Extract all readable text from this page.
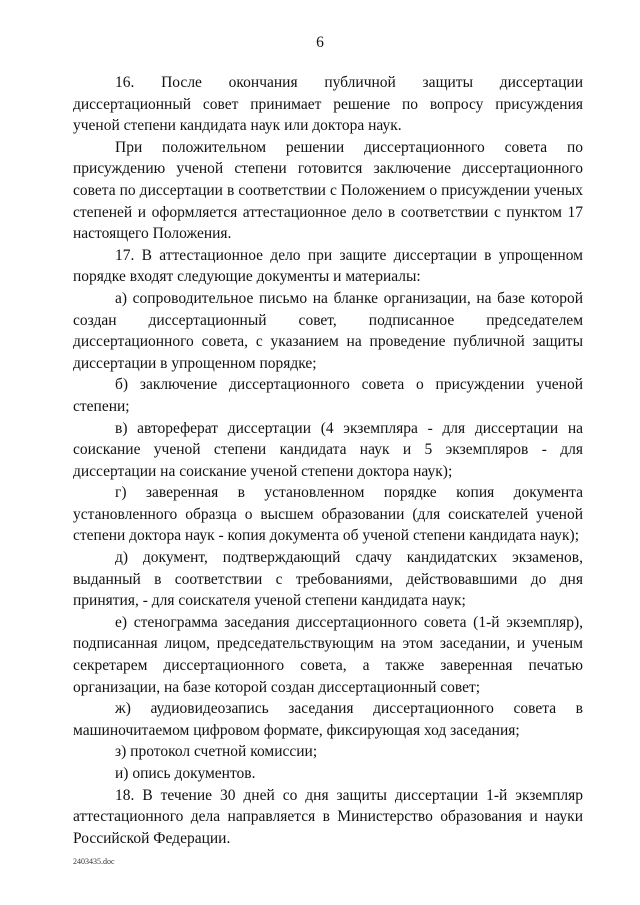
6

16. После окончания публичной защиты диссертации диссертационный совет принимает решение по вопросу присуждения ученой степени кандидата наук или доктора наук.

При положительном решении диссертационного совета по присуждению ученой степени готовится заключение диссертационного совета по диссертации в соответствии с Положением о присуждении ученых степеней и оформляется аттестационное дело в соответствии с пунктом 17 настоящего Положения.

17. В аттестационное дело при защите диссертации в упрощенном порядке входят следующие документы и материалы:

а) сопроводительное письмо на бланке организации, на базе которой создан диссертационный совет, подписанное председателем диссертационного совета, с указанием на проведение публичной защиты диссертации в упрощенном порядке;

б) заключение диссертационного совета о присуждении ученой степени;

в) автореферат диссертации (4 экземпляра - для диссертации на соискание ученой степени кандидата наук и 5 экземпляров - для диссертации на соискание ученой степени доктора наук);

г) заверенная в установленном порядке копия документа установленного образца о высшем образовании (для соискателей ученой степени доктора наук - копия документа об ученой степени кандидата наук);

д) документ, подтверждающий сдачу кандидатских экзаменов, выданный в соответствии с требованиями, действовавшими до дня принятия, - для соискателя ученой степени кандидата наук;

е) стенограмма заседания диссертационного совета (1-й экземпляр), подписанная лицом, председательствующим на этом заседании, и ученым секретарем диссертационного совета, а также заверенная печатью организации, на базе которой создан диссертационный совет;

ж) аудиовидеозапись заседания диссертационного совета в машиночитаемом цифровом формате, фиксирующая ход заседания;

з) протокол счетной комиссии;

и) опись документов.

18. В течение 30 дней со дня защиты диссертации 1-й экземпляр аттестационного дела направляется в Министерство образования и науки Российской Федерации.

2403435.doc
